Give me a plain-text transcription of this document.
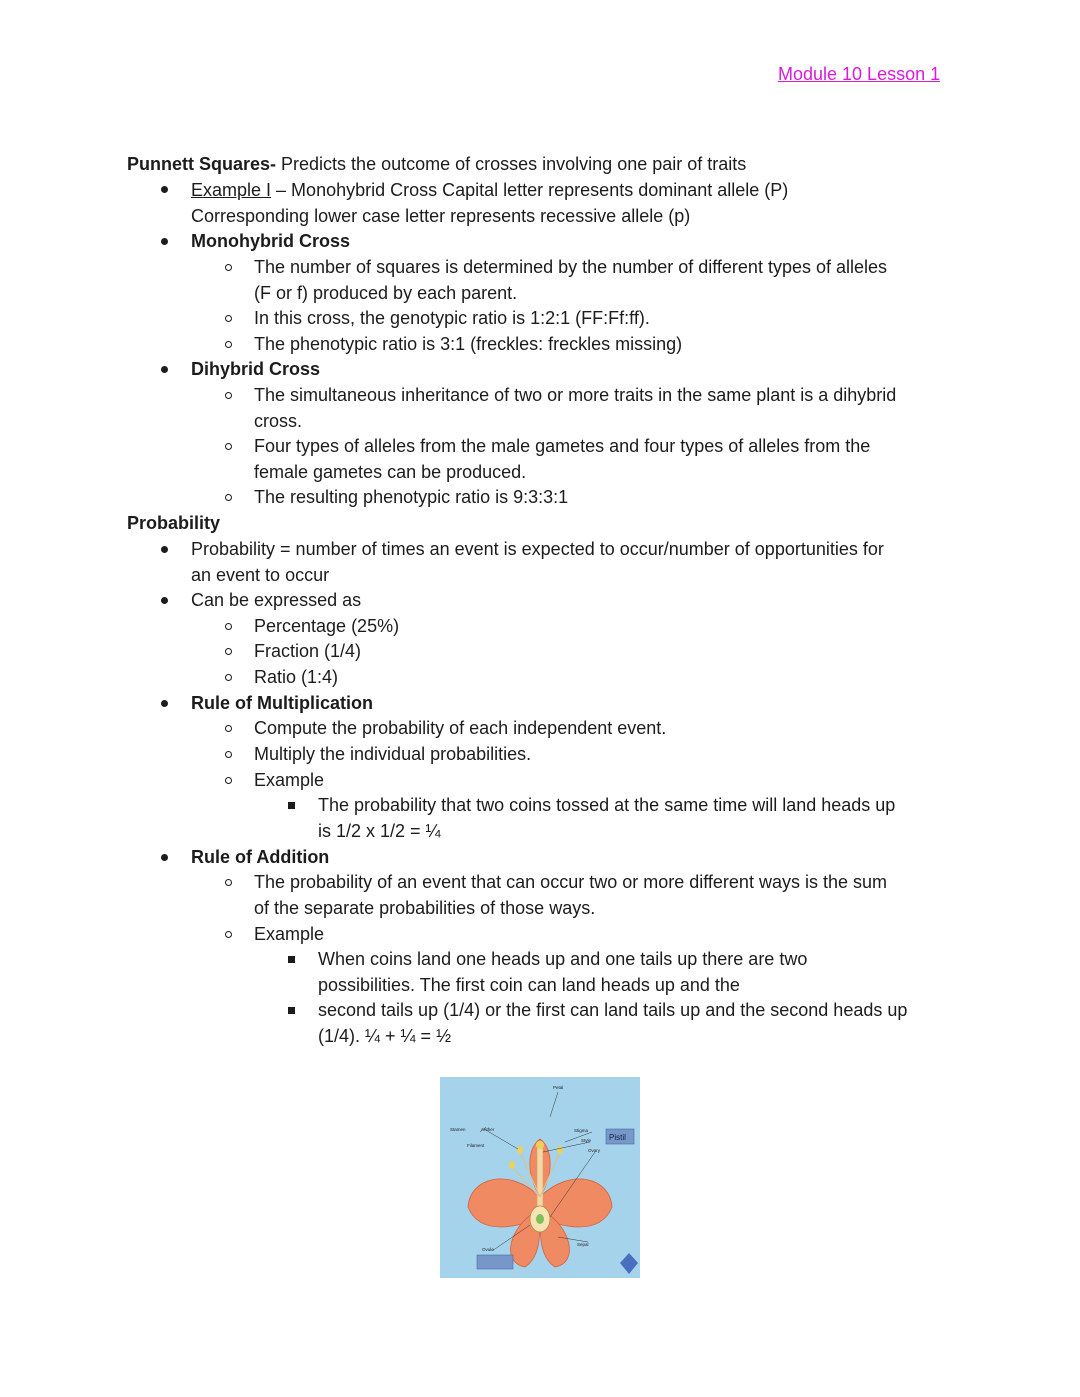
Module 10 Lesson 1
Punnett Squares- Predicts the outcome of crosses involving one pair of traits
Example I – Monohybrid Cross Capital letter represents dominant allele (P)
Corresponding lower case letter represents recessive allele (p)
Monohybrid Cross
The number of squares is determined by the number of different types of alleles
(F or f) produced by each parent.
In this cross, the genotypic ratio is 1:2:1 (FF:Ff:ff).
The phenotypic ratio is 3:1 (freckles: freckles missing)
Dihybrid Cross
The simultaneous inheritance of two or more traits in the same plant is a dihybrid
cross.
Four types of alleles from the male gametes and four types of alleles from the
female gametes can be produced.
The resulting phenotypic ratio is 9:3:3:1
Probability
Probability = number of times an event is expected to occur/number of opportunities for
an event to occur
Can be expressed as
Percentage (25%)
Fraction (1/4)
Ratio (1:4)
Rule of Multiplication
Compute the probability of each independent event.
Multiply the individual probabilities.
Example
The probability that two coins tossed at the same time will land heads up
is 1/2 x 1/2 = ¼
Rule of Addition
The probability of an event that can occur two or more different ways is the sum
of the separate probabilities of those ways.
Example
When coins land one heads up and one tails up there are two
possibilities. The first coin can land heads up and the
second tails up (1/4) or the first can land tails up and the second heads up
(1/4). ¼ + ¼ = ½
Petal
Stamen	Anther
Filament
Stigma
Style
Ovary
Pistil
Sepal
Ovule
